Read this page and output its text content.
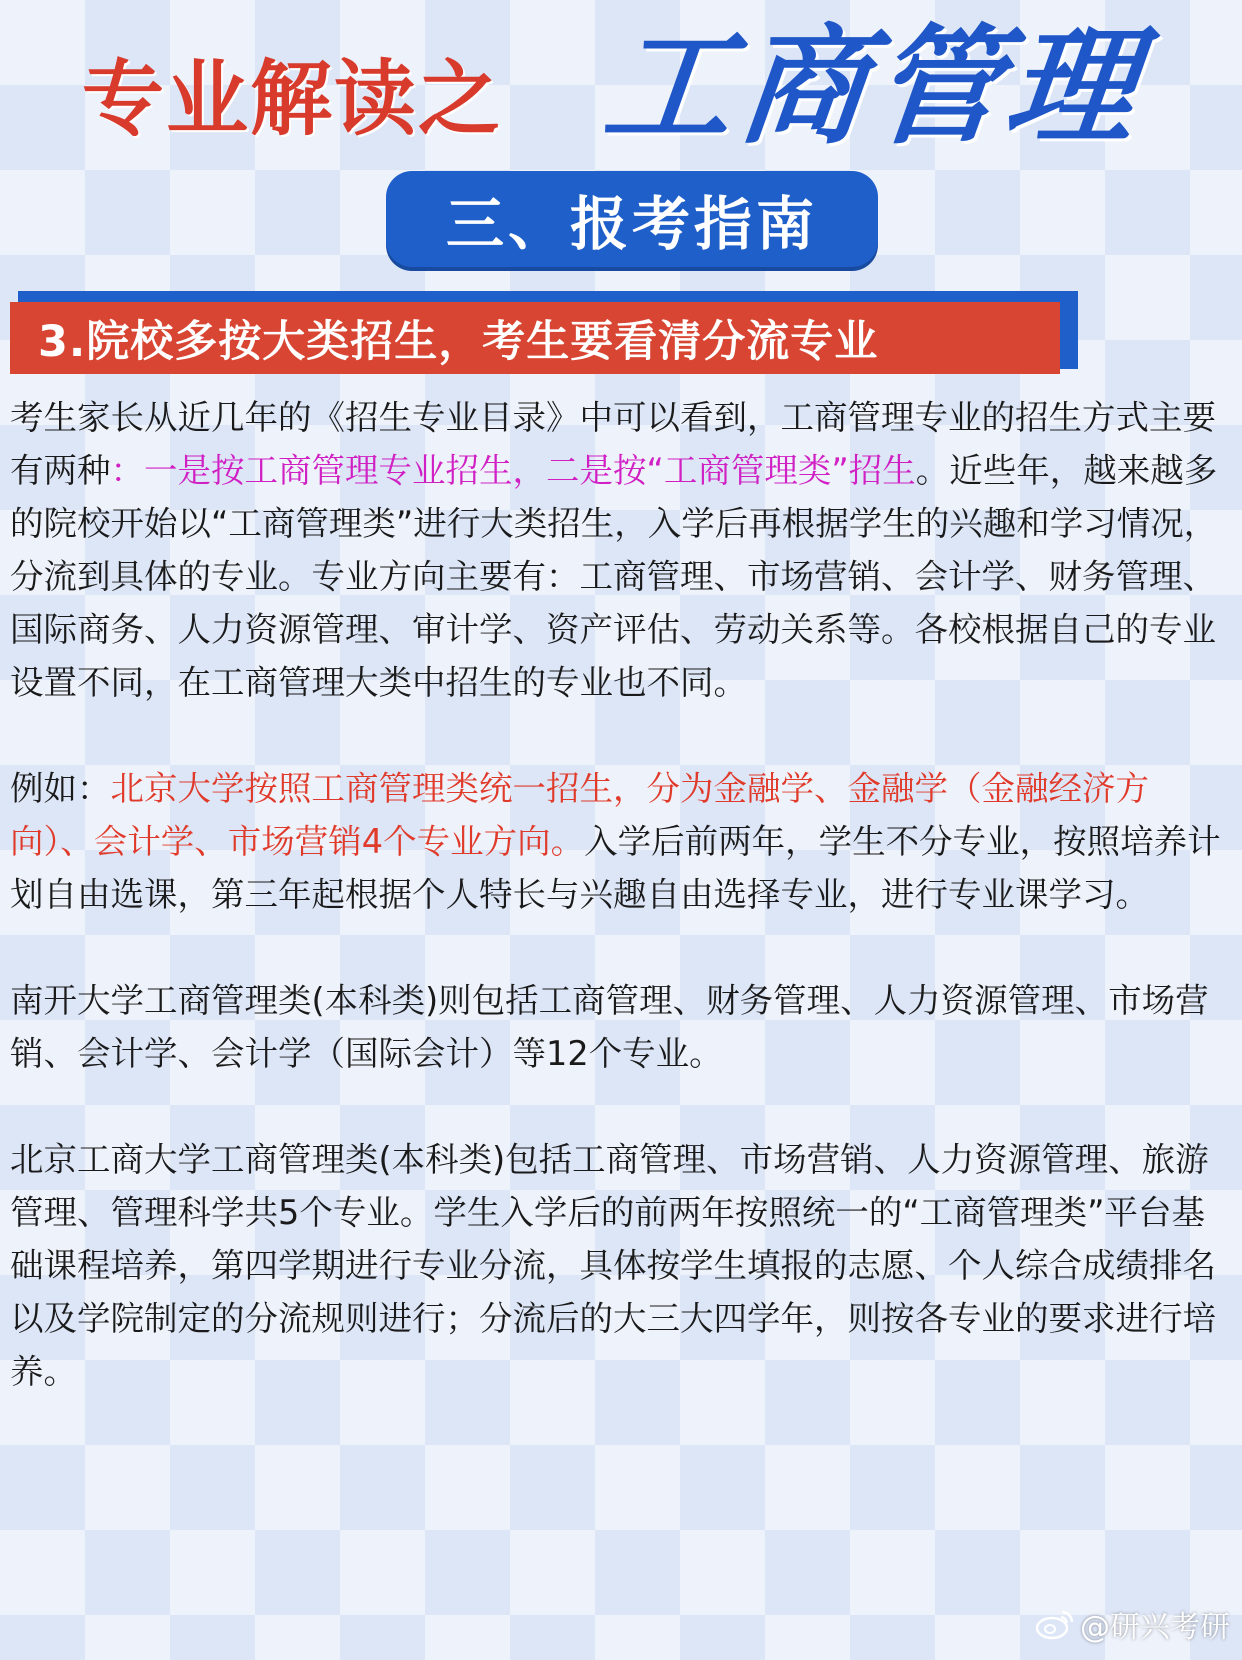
专业解读之 工商管理
三、报考指南
3.院校多按大类招生，考生要看清分流专业

考生家长从近几年的《招生专业目录》中可以看到，工商管理专业的招生方式主要有两种：一是按工商管理专业招生，二是按“工商管理类”招生。近些年，越来越多的院校开始以“工商管理类”进行大类招生，入学后再根据学生的兴趣和学习情况，分流到具体的专业。专业方向主要有：工商管理、市场营销、会计学、财务管理、国际商务、人力资源管理、审计学、资产评估、劳动关系等。各校根据自己的专业设置不同，在工商管理大类中招生的专业也不同。

例如：北京大学按照工商管理类统一招生，分为金融学、金融学（金融经济方向）、会计学、市场营销4个专业方向。入学后前两年，学生不分专业，按照培养计划自由选课，第三年起根据个人特长与兴趣自由选择专业，进行专业课学习。

南开大学工商管理类(本科类)则包括工商管理、财务管理、人力资源管理、市场营销、会计学、会计学（国际会计）等12个专业。

北京工商大学工商管理类(本科类)包括工商管理、市场营销、人力资源管理、旅游管理、管理科学共5个专业。学生入学后的前两年按照统一的“工商管理类”平台基础课程培养，第四学期进行专业分流，具体按学生填报的志愿、个人综合成绩排名以及学院制定的分流规则进行；分流后的大三大四学年，则按各专业的要求进行培养。

@研兴考研
